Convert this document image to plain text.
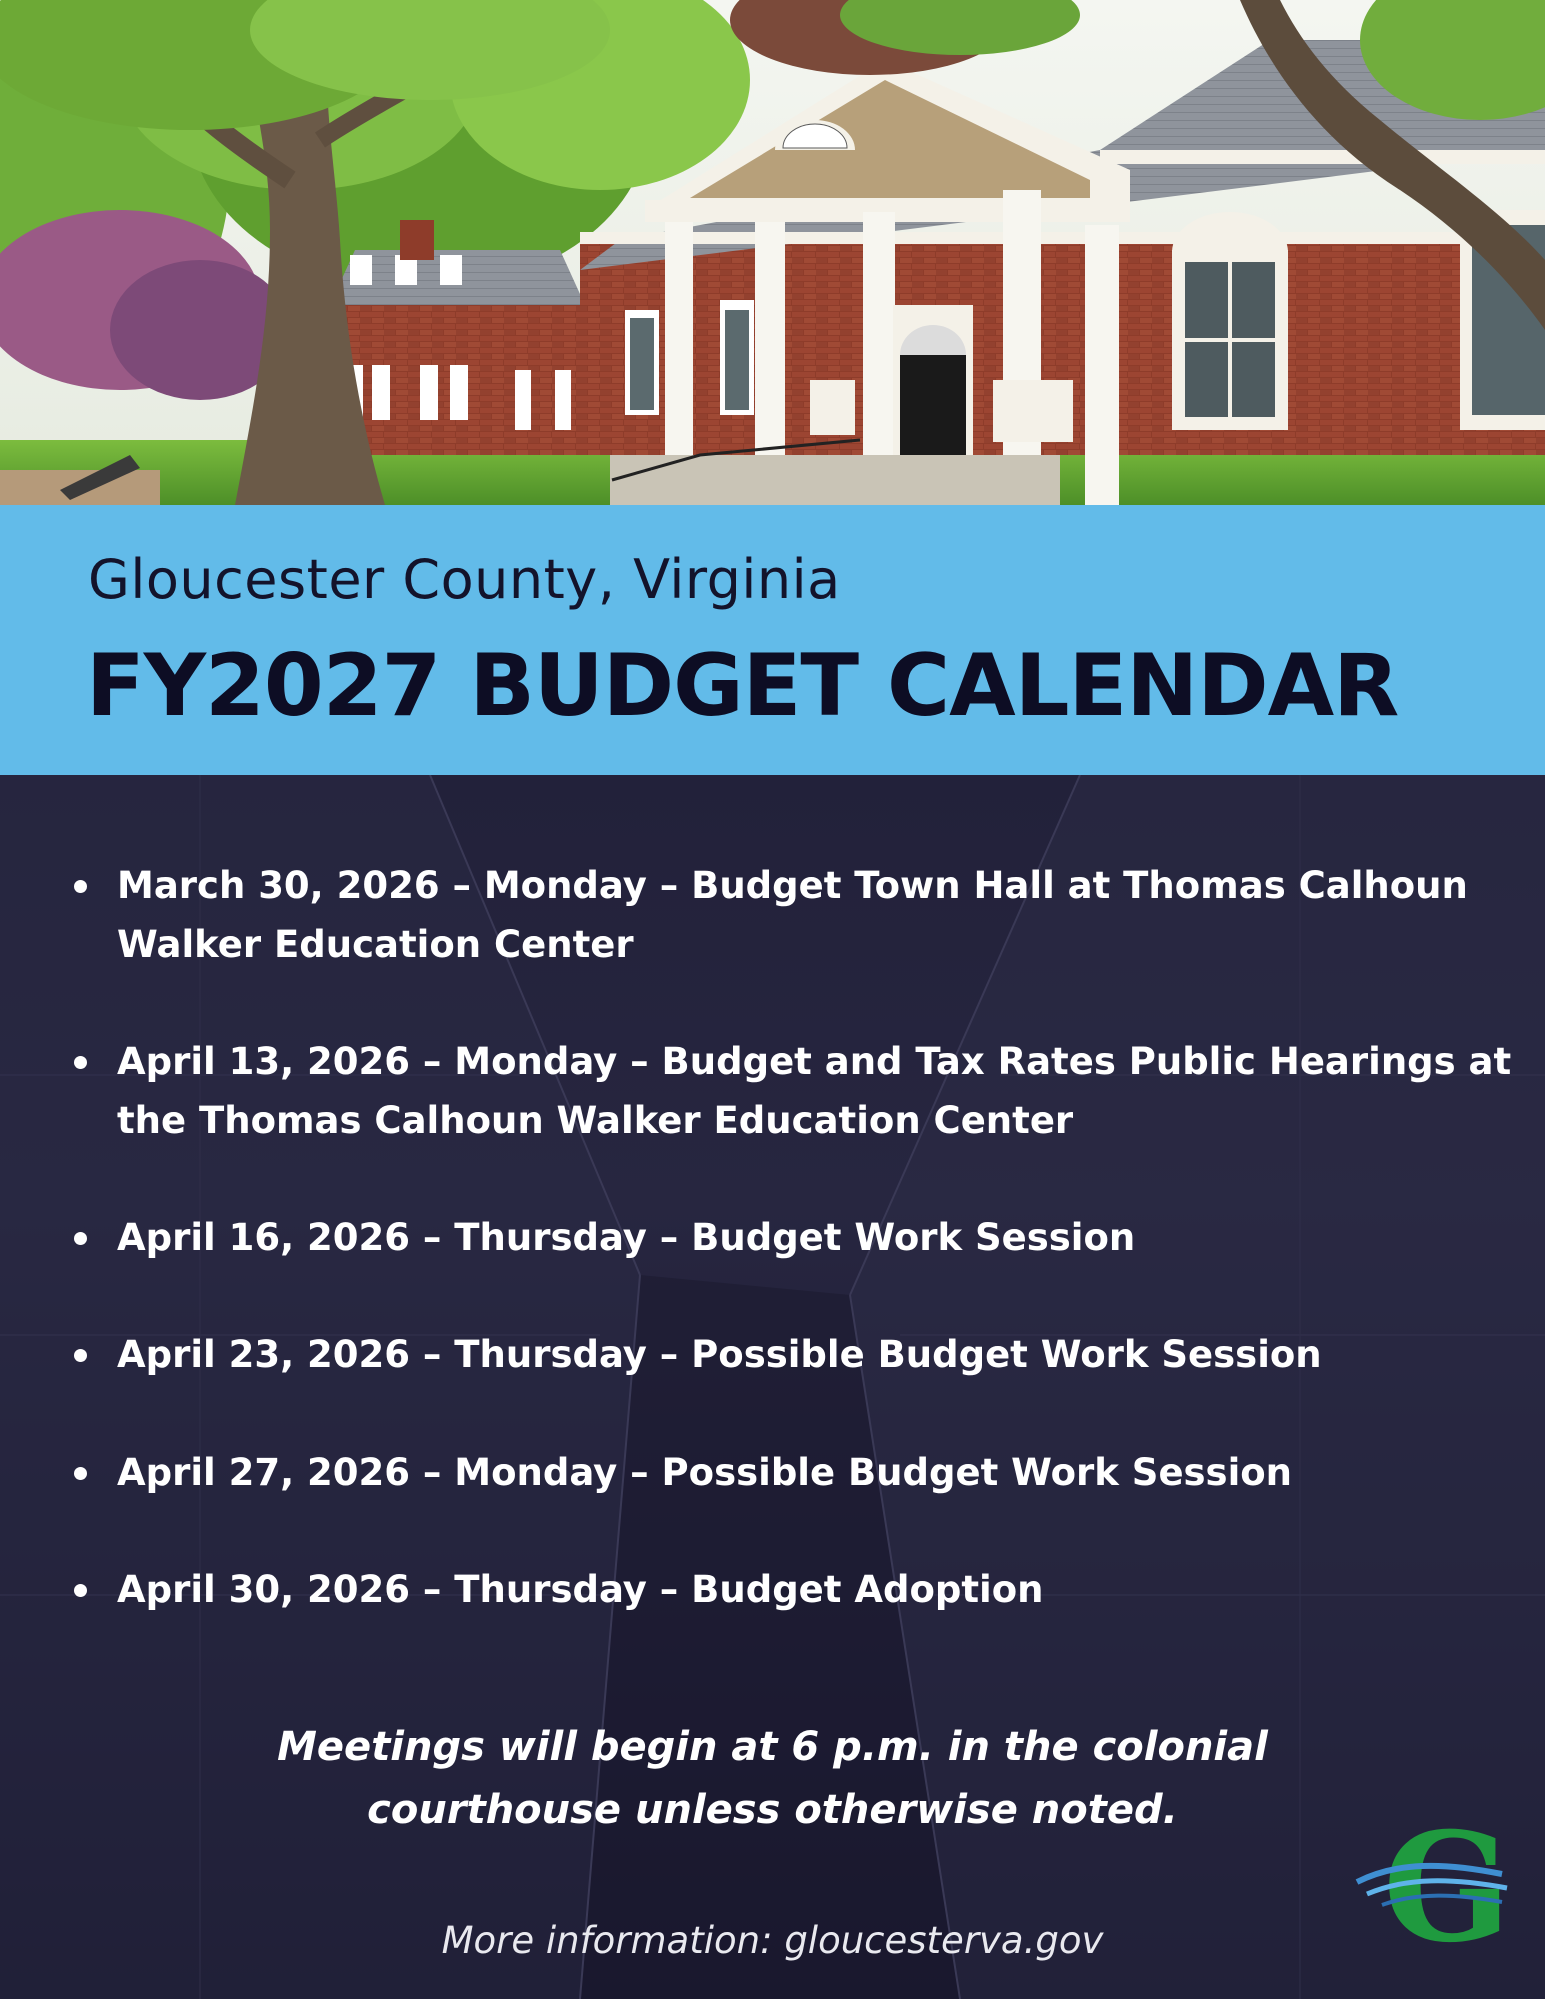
Gloucester County, Virginia
FY2027 BUDGET CALENDAR
March 30, 2026 – Monday – Budget Town Hall at Thomas Calhoun Walker Education Center
April 13, 2026 – Monday – Budget and Tax Rates Public Hearings at the Thomas Calhoun Walker Education Center
April 16, 2026 – Thursday – Budget Work Session
April 23, 2026 – Thursday – Possible Budget Work Session
April 27, 2026 – Monday – Possible Budget Work Session
April 30, 2026 – Thursday – Budget Adoption
Meetings will begin at 6 p.m. in the colonial
courthouse unless otherwise noted.
More information: gloucesterva.gov	G
